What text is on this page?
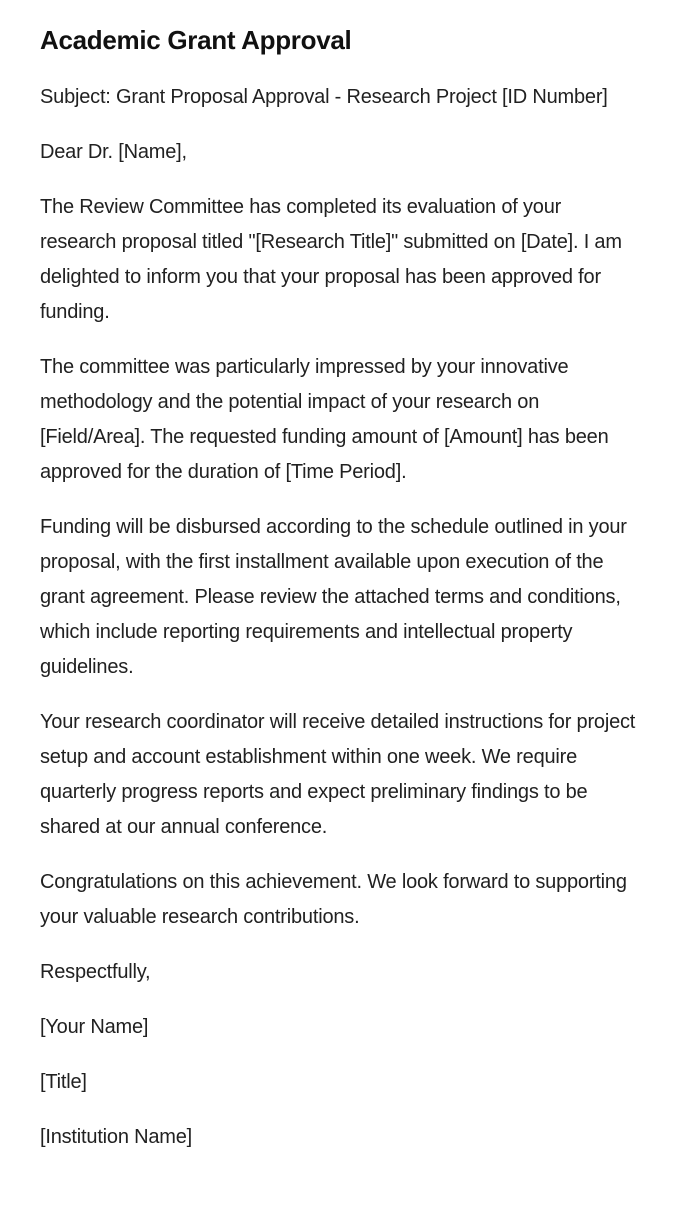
Academic Grant Approval

Subject: Grant Proposal Approval - Research Project [ID Number]

Dear Dr. [Name],

The Review Committee has completed its evaluation of your research proposal titled "[Research Title]" submitted on [Date]. I am delighted to inform you that your proposal has been approved for funding.

The committee was particularly impressed by your innovative methodology and the potential impact of your research on [Field/Area]. The requested funding amount of [Amount] has been approved for the duration of [Time Period].

Funding will be disbursed according to the schedule outlined in your proposal, with the first installment available upon execution of the grant agreement. Please review the attached terms and conditions, which include reporting requirements and intellectual property guidelines.

Your research coordinator will receive detailed instructions for project setup and account establishment within one week. We require quarterly progress reports and expect preliminary findings to be shared at our annual conference.

Congratulations on this achievement. We look forward to supporting your valuable research contributions.

Respectfully,

[Your Name]

[Title]

[Institution Name]
